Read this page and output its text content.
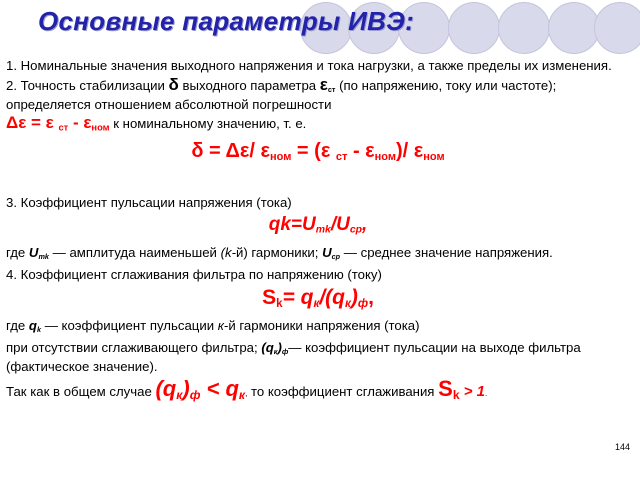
Основные параметры ИВЭ:

1. Номинальные значения выходного напряжения и тока нагрузки, а также пределы их изменения.

2. Точность стабилизации δ выходного параметра $\varepsilon_{ст}$ (по напряжению, току или частоте); определяется отношением абсолютной погрешности

Δε = ε $_{ст} - \varepsilon_{ном}$ к номинальному значению, т. е.

δ = Δε/ $\varepsilon_{ном} = (\varepsilon$ $_{ст} - \varepsilon_{ном})/$ $\varepsilon_{ном}$

3. Коэффициент пульсации напряжения (тока)

$qk=U_{mk}/U_{ср}$,

где $U_{mk}$ — амплитуда наименьшей (k-й) гармоники; $U_{ср}$ — среднее значение напряжения.

4. Коэффициент сглаживания фильтра по напряжению (току)

$S_k= q_к/(q_к)_ф$,

где $q_k$ — коэффициент пульсации к-й гармоники напряжения (тока)

при отсутствии сглаживающего фильтра; $(q_к)_ф—$ коэффициент пульсации на выходе фильтра (фактическое значение).

Так как в общем случае $(q_к)_ф < q_к$, то коэффициент сглаживания $S_k > 1$.

144
